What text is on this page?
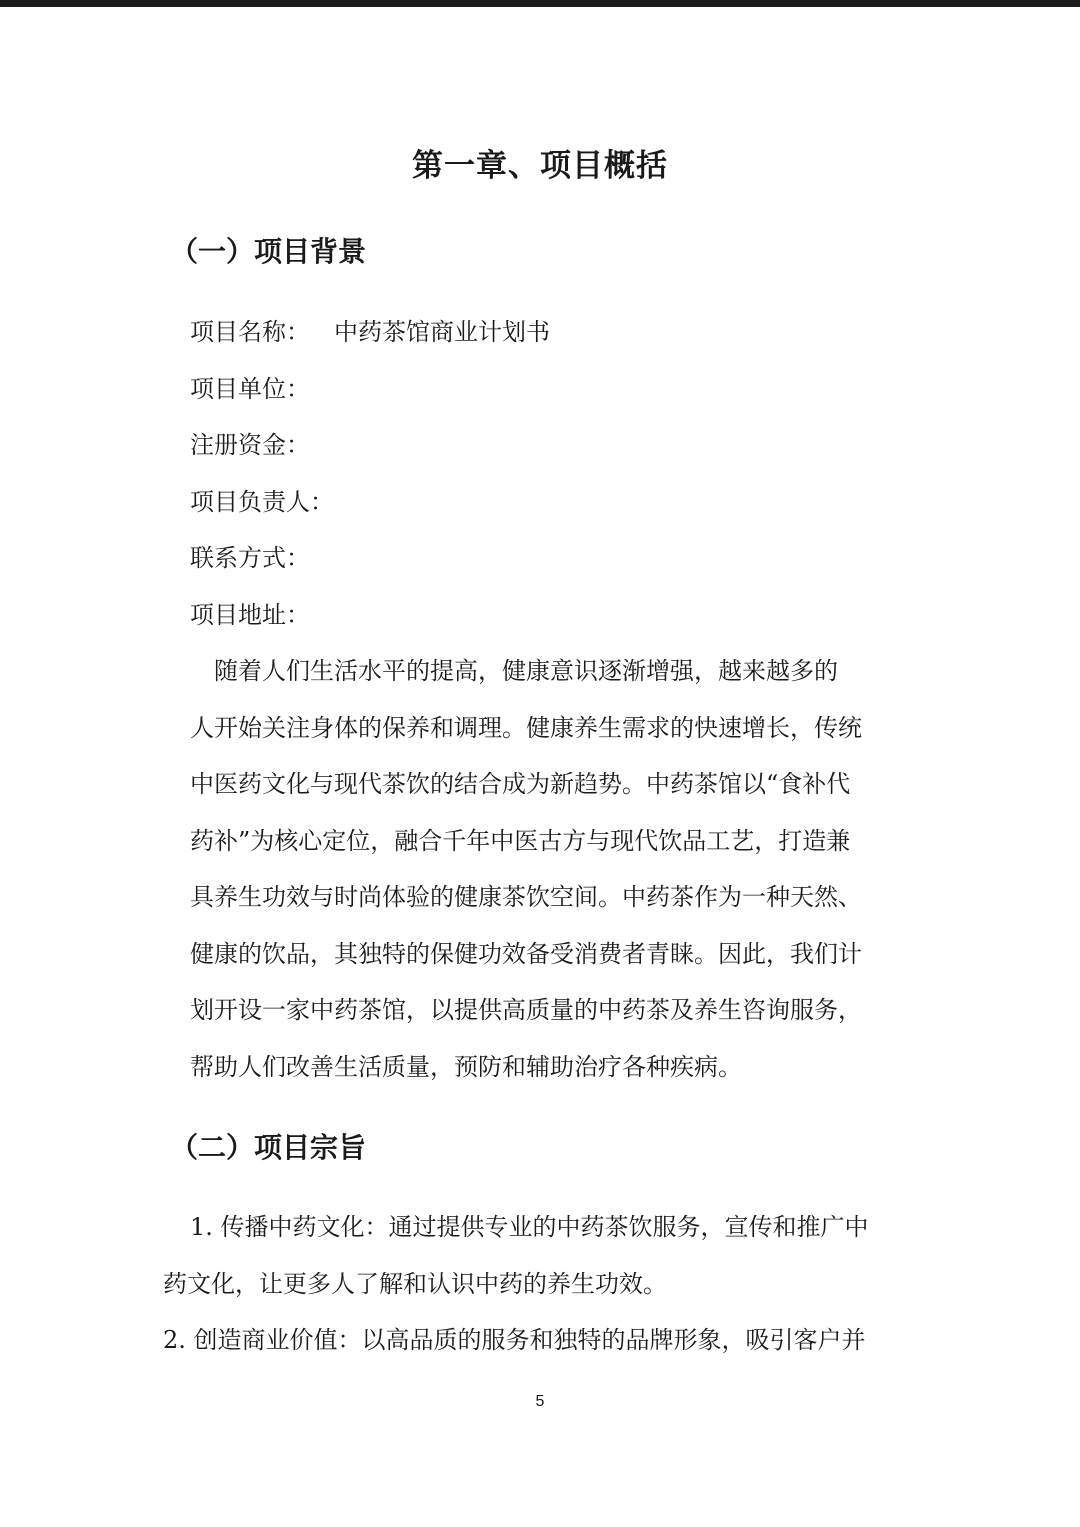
第一章、项目概括
（一）项目背景
项目名称： 中药茶馆商业计划书
项目单位：
注册资金：
项目负责人：
联系方式：
项目地址：
　随着人们生活水平的提高，健康意识逐渐增强，越来越多的
人开始关注身体的保养和调理。健康养生需求的快速增长，传统
中医药文化与现代茶饮的结合成为新趋势。中药茶馆以“食补代
药补”为核心定位，融合千年中医古方与现代饮品工艺，打造兼
具养生功效与时尚体验的健康茶饮空间。中药茶作为一种天然、
健康的饮品，其独特的保健功效备受消费者青睐。因此，我们计
划开设一家中药茶馆，以提供高质量的中药茶及养生咨询服务，
帮助人们改善生活质量，预防和辅助治疗各种疾病。
（二）项目宗旨
1. 传播中药文化：通过提供专业的中药茶饮服务，宣传和推广中
药文化，让更多人了解和认识中药的养生功效。
2. 创造商业价值：以高品质的服务和独特的品牌形象，吸引客户并
5
